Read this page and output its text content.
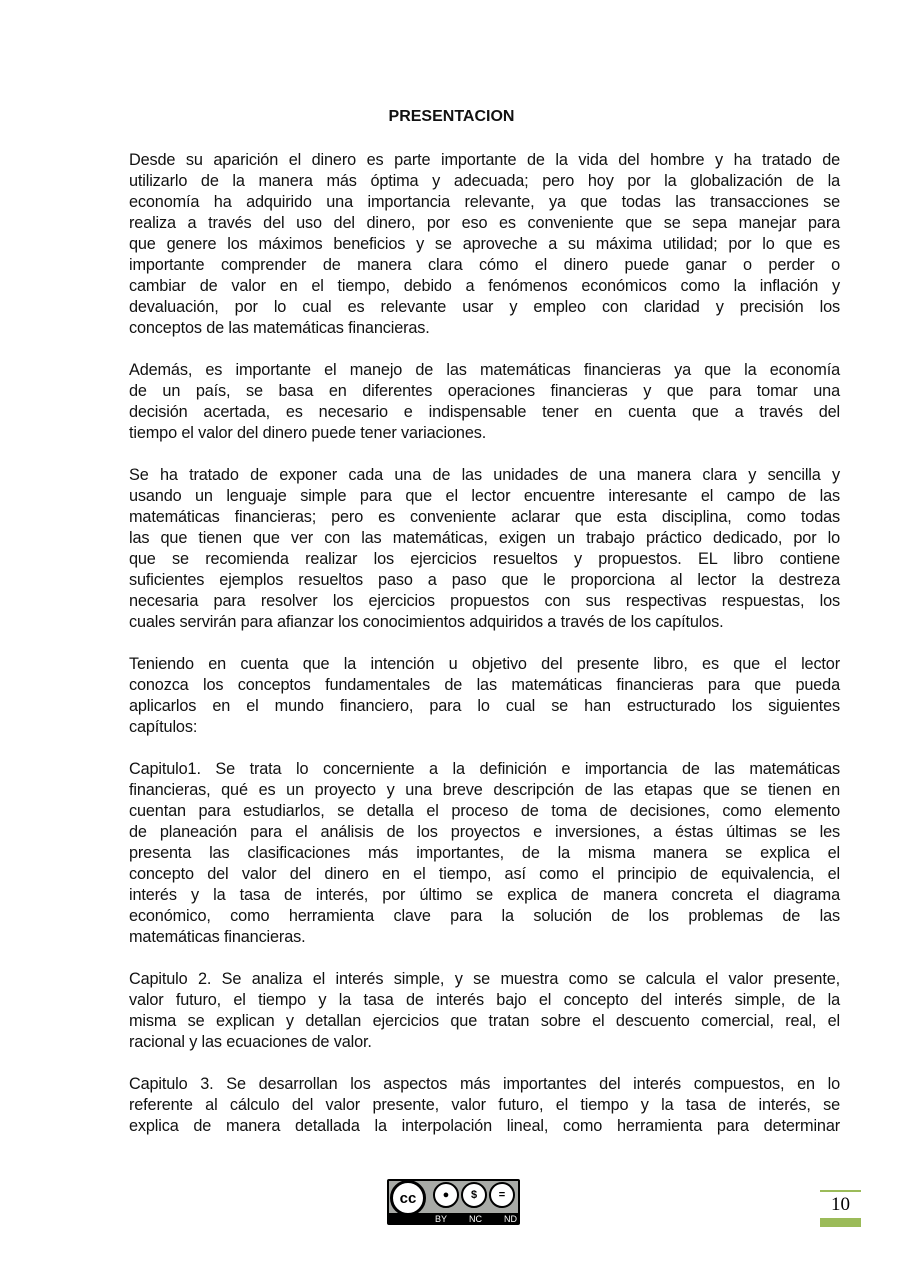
PRESENTACION
Desde su aparición el dinero es parte importante de la vida del hombre y ha tratado de
utilizarlo de la manera más óptima y adecuada; pero hoy por la globalización de la
economía ha adquirido una importancia relevante, ya que todas las transacciones se
realiza a través del uso del dinero, por eso es conveniente que se sepa manejar para
que genere los máximos beneficios y se aproveche a su máxima utilidad; por lo que es
importante comprender de manera clara cómo el dinero puede ganar o perder o
cambiar de valor en el tiempo, debido a fenómenos económicos como la inflación y
devaluación, por lo cual es relevante usar y empleo con claridad y precisión los
conceptos de las matemáticas financieras.
Además, es importante el manejo de las matemáticas financieras ya que la economía
de un país, se basa en diferentes operaciones financieras y que para tomar una
decisión acertada, es necesario e indispensable tener en cuenta que a través del
tiempo el valor del dinero puede tener variaciones.
Se ha tratado de exponer cada una de las unidades de una manera clara y sencilla y
usando un lenguaje simple para que el lector encuentre interesante el campo de las
matemáticas financieras; pero es conveniente aclarar que esta disciplina, como todas
las que tienen que ver con las matemáticas, exigen un trabajo práctico dedicado, por lo
que se recomienda realizar los ejercicios resueltos y propuestos. EL libro contiene
suficientes ejemplos resueltos paso a paso que le proporciona al lector la destreza
necesaria para resolver los ejercicios propuestos con sus respectivas respuestas, los
cuales servirán para afianzar los conocimientos adquiridos a través de los capítulos.
Teniendo en cuenta que la intención u objetivo del presente libro, es que el lector
conozca los conceptos fundamentales de las matemáticas financieras para que pueda
aplicarlos en el mundo financiero, para lo cual se han estructurado los siguientes
capítulos:
Capitulo1. Se trata lo concerniente a la definición e importancia de las matemáticas
financieras, qué es un proyecto y una breve descripción de las etapas que se tienen en
cuentan para estudiarlos, se detalla el proceso de toma de decisiones, como elemento
de planeación para el análisis de los proyectos e inversiones, a éstas últimas se les
presenta las clasificaciones más importantes, de la misma manera se explica el
concepto del valor del dinero en el tiempo, así como el principio de equivalencia, el
interés y la tasa de interés, por último se explica de manera concreta el diagrama
económico, como herramienta clave para la solución de los problemas de las
matemáticas financieras.
Capitulo 2. Se analiza el interés simple, y se muestra como se calcula el valor presente,
valor futuro, el tiempo y la tasa de interés bajo el concepto del interés simple, de la
misma se explican y detallan ejercicios que tratan sobre el descuento comercial, real, el
racional y las ecuaciones de valor.
Capitulo 3. Se desarrollan los aspectos más importantes del interés compuestos, en lo
referente al cálculo del valor presente, valor futuro, el tiempo y la tasa de interés, se
explica de manera detallada la interpolación lineal, como herramienta para determinar
cc	●	$	=
BY NC ND
10
